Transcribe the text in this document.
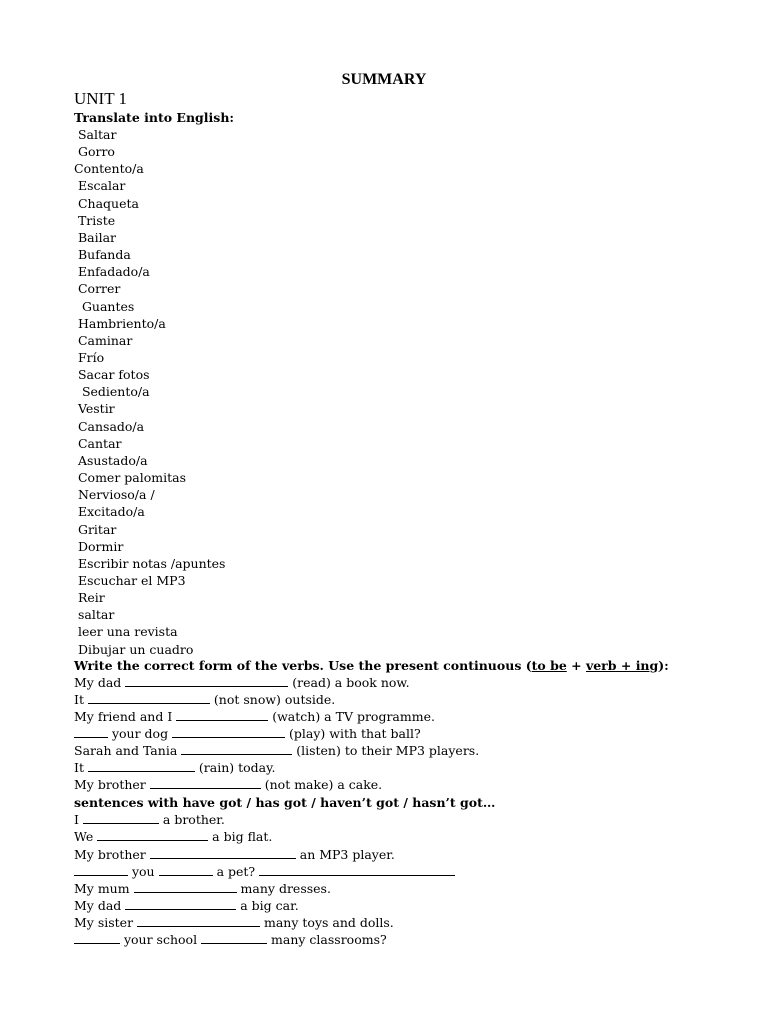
SUMMARY
UNIT 1
Translate into English:
Saltar
Gorro
Contento/a
Escalar
Chaqueta
Triste
Bailar
Bufanda
Enfadado/a
Correr
Guantes
Hambriento/a
Caminar
Frío
Sacar fotos
Sediento/a
Vestir
Cansado/a
Cantar
Asustado/a
Comer palomitas
Nervioso/a /
Excitado/a
Gritar
Dormir
Escribir notas /apuntes
Escuchar el MP3
Reir
saltar
leer una revista
Dibujar un cuadro
Write the correct form of the verbs. Use the present continuous (to be + verb + ing):
My dad	(read) a book now.
It	(not snow) outside.
My friend and I	(watch) a TV programme.
your dog	(play) with that ball?
Sarah and Tania	(listen) to their MP3 players.
It	(rain) today.
My brother	(not make) a cake.
sentences with have got / has got / haven’t got / hasn’t got…
I	a brother.
We	a big flat.
My brother	an MP3 player.
you	a pet?
My mum	many dresses.
My dad	a big car.
My sister	many toys and dolls.
your school	many classrooms?
